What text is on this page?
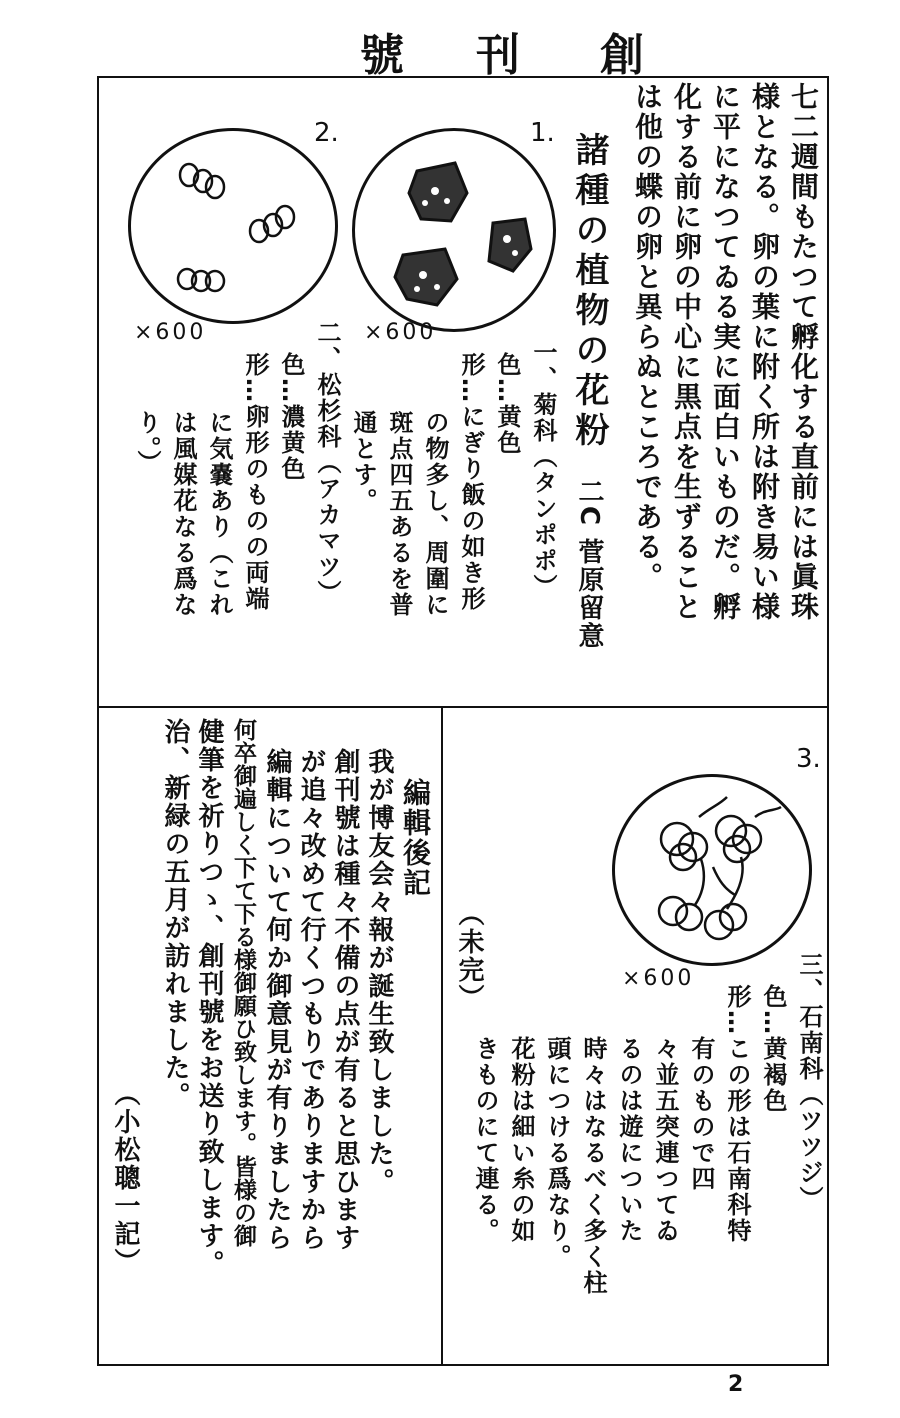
號 刊 創
七二週間もたつて孵化する直前には眞珠
様となる。卵の葉に附く所は附き易い様
に平になつてゐる実に面白いものだ。孵
化する前に卵の中心に黒点を生ずること
は他の蝶の卵と異らぬところである。
諸種の植物の花粉
二C 菅原留意
一、菊科（タンポポ）
色…黄色
形…にぎり飯の如き形
の物多し、周圍に
斑点四五あるを普
通とす。
二、松杉科（アカマツ）
色…濃黄色
形…卵形のものの両端
に気嚢あり（これ
は風媒花なる爲な
り。）
1.
×600
2.
×600
編輯後記
我が博友会々報が誕生致しました。
創刊號は種々不備の点が有ると思ひます
が追々改めて行くつもりでありますから
編輯について何か御意見が有りましたら
何卒御遍しく下て下る様御願ひ致します。皆様の御
健筆を祈りつゝ、創刊號をお送り致します。
治、新緑の五月が訪れました。
（小松聰一記）
（未完）
3.
×600	三、石南科（ツツジ）
色…黄褐色
形…この形は石南科特
有のもので四
々並五突連つてゐ
るのは遊についた
時々はなるべく多く柱
頭につける爲なり。
花粉は細い糸の如
きものにて連る。
2
